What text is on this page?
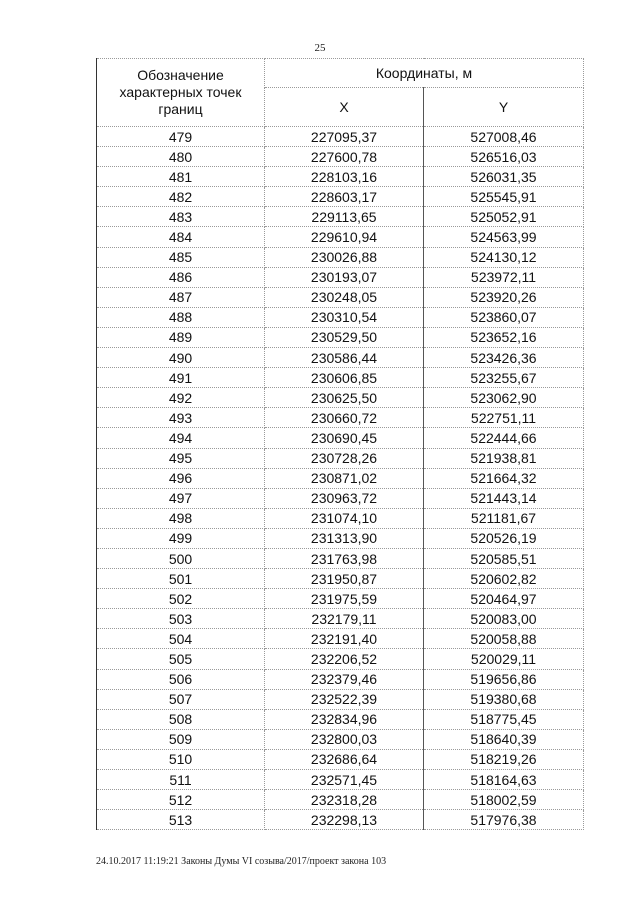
25
Обозначение характерных точек границ	Координаты, м	
	X	Y
479	227095,37	527008,46
480	227600,78	526516,03
481	228103,16	526031,35
482	228603,17	525545,91
483	229113,65	525052,91
484	229610,94	524563,99
485	230026,88	524130,12
486	230193,07	523972,11
487	230248,05	523920,26
488	230310,54	523860,07
489	230529,50	523652,16
490	230586,44	523426,36
491	230606,85	523255,67
492	230625,50	523062,90
493	230660,72	522751,11
494	230690,45	522444,66
495	230728,26	521938,81
496	230871,02	521664,32
497	230963,72	521443,14
498	231074,10	521181,67
499	231313,90	520526,19
500	231763,98	520585,51
501	231950,87	520602,82
502	231975,59	520464,97
503	232179,11	520083,00
504	232191,40	520058,88
505	232206,52	520029,11
506	232379,46	519656,86
507	232522,39	519380,68
508	232834,96	518775,45
509	232800,03	518640,39
510	232686,64	518219,26
511	232571,45	518164,63
512	232318,28	518002,59
513	232298,13	517976,38
24.10.2017 11:19:21 Законы Думы VI созыва/2017/проект закона 103
